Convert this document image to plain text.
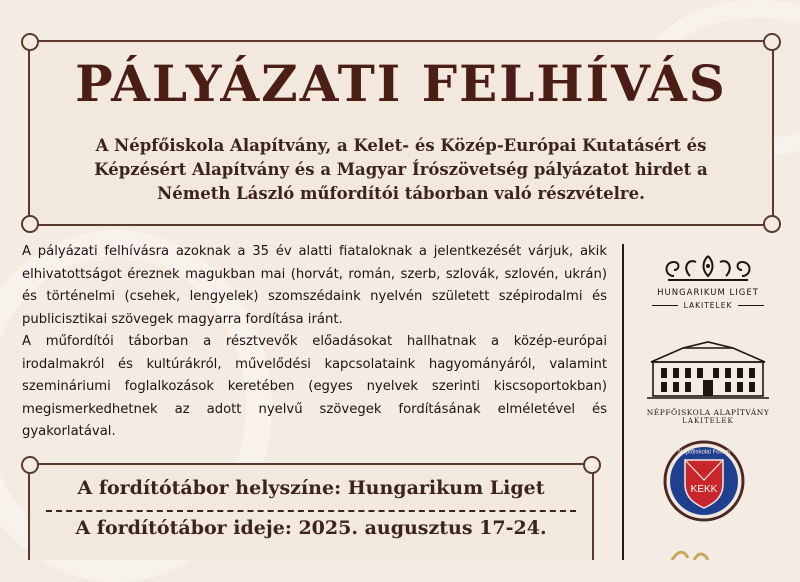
PÁLYÁZATI FELHÍVÁS
A Népfőiskola Alapítvány, a Kelet- és Közép-Európai Kutatásért és
Képzésért Alapítvány és a Magyar Írószövetség pályázatot hirdet a
Németh László műfordítói táborban való részvételre.

A pályázati felhívásra azoknak a 35 év alatti fiataloknak a jelentkezését várjuk, akik elhivatottságot éreznek magukban mai (horvát, román, szerb, szlovák, szlovén, ukrán) és történelmi (csehek, lengyelek) szomszédaink nyelvén született szépirodalmi és publicisztikai szövegek magyarra fordítása iránt.

A műfordítói táborban a résztvevők előadásokat hallhatnak a közép-európai irodalmakról és kultúrákról, művelődési kapcsolataink hagyományáról, valamint szemináriumi foglalkozások keretében (egyes nyelvek szerinti kiscsoportokban) megismerkedhetnek az adott nyelvű szövegek fordításának elméletével és gyakorlatával.

HUNGARIKUM LIGET
LAKITELEK
NÉPFŐISKOLA ALAPÍTVÁNY
LAKITELEK
Népfőiskolai Fórum
KEKK
A fordítótábor helyszíne: Hungarikum Liget
A fordítótábor ideje: 2025. augusztus 17-24.
